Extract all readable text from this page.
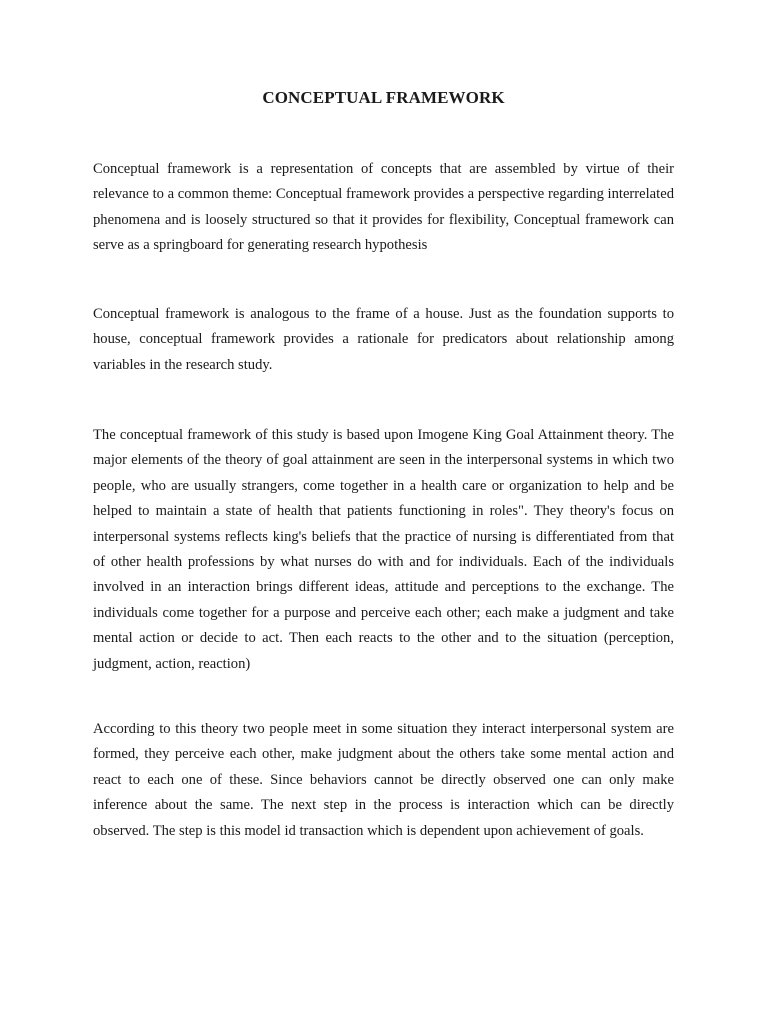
CONCEPTUAL FRAMEWORK

Conceptual framework is a representation of concepts that are assembled by virtue of their relevance to a common theme: Conceptual framework provides a perspective regarding interrelated phenomena and is loosely structured so that it provides for flexibility, Conceptual framework can serve as a springboard for generating research hypothesis

Conceptual framework is analogous to the frame of a house. Just as the foundation supports to house, conceptual framework provides a rationale for predicators about relationship among variables in the research study.

The conceptual framework of this study is based upon Imogene King Goal Attainment theory. The major elements of the theory of goal attainment are seen in the interpersonal systems in which two people, who are usually strangers, come together in a health care or organization to help and be helped to maintain a state of health that patients functioning in roles". They theory's focus on interpersonal systems reflects king's beliefs that the practice of nursing is differentiated from that of other health professions by what nurses do with and for individuals. Each of the individuals involved in an interaction brings different ideas, attitude and perceptions to the exchange. The individuals come together for a purpose and perceive each other; each make a judgment and take mental action or decide to act. Then each reacts to the other and to the situation (perception, judgment, action, reaction)

According to this theory two people meet in some situation they interact interpersonal system are formed, they perceive each other, make judgment about the others take some mental action and react to each one of these. Since behaviors cannot be directly observed one can only make inference about the same. The next step in the process is interaction which can be directly observed. The step is this model id transaction which is dependent upon achievement of goals.
